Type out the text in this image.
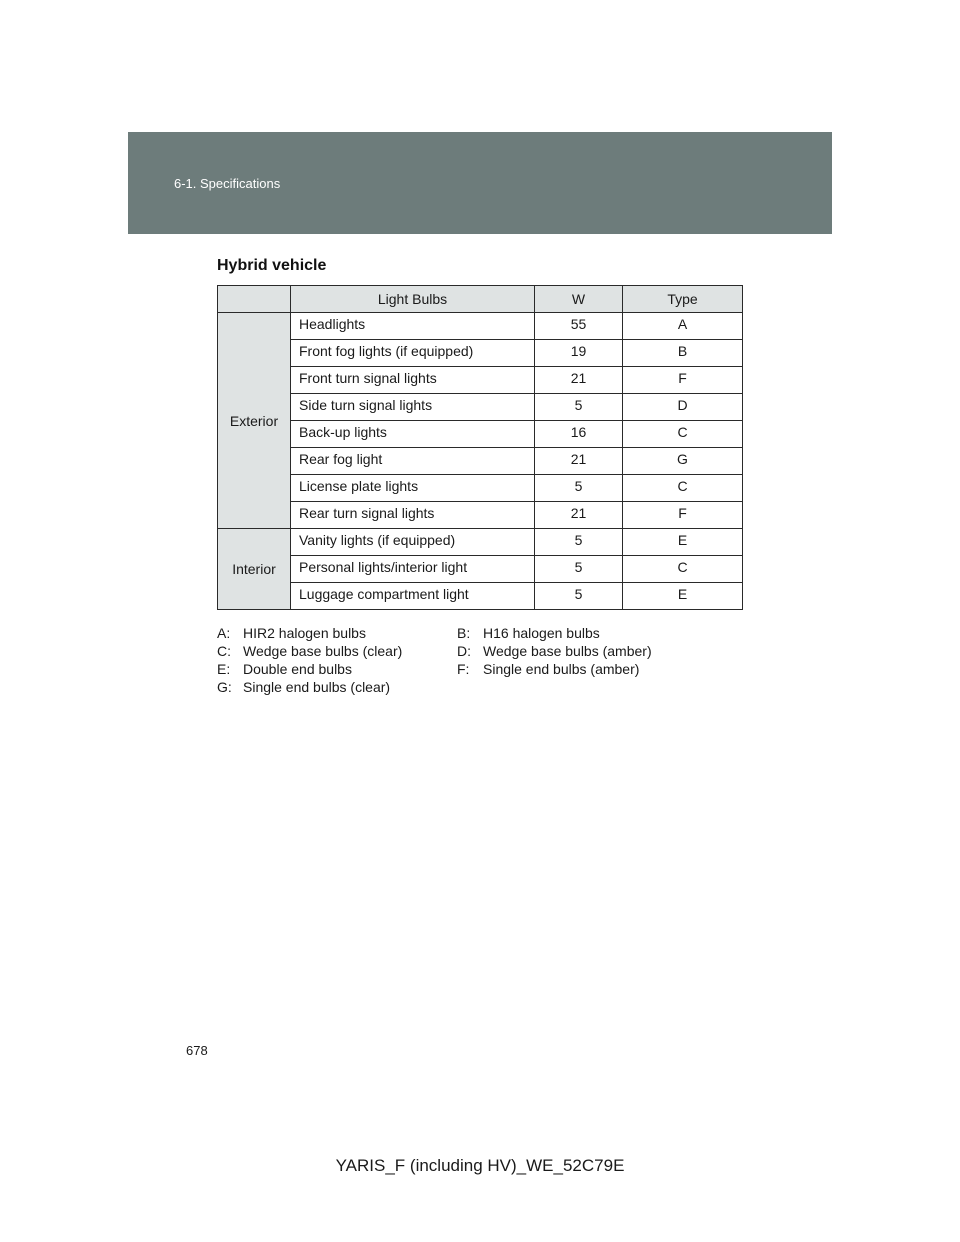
6-1. Specifications
Hybrid vehicle
	Light Bulbs	W	Type
Exterior	Headlights	55	A
	Front fog lights (if equipped)	19	B
	Front turn signal lights	21	F
	Side turn signal lights	5	D
	Back-up lights	16	C
	Rear fog light	21	G
	License plate lights	5	C
	Rear turn signal lights	21	F
Interior	Vanity lights (if equipped)	5	E
	Personal lights/interior light	5	C
	Luggage compartment light	5	E
A: HIR2 halogen bulbs	B: H16 halogen bulbs
C: Wedge base bulbs (clear)	D: Wedge base bulbs (amber)
E: Double end bulbs	F: Single end bulbs (amber)
G: Single end bulbs (clear)
678
YARIS_F (including HV)_WE_52C79E
